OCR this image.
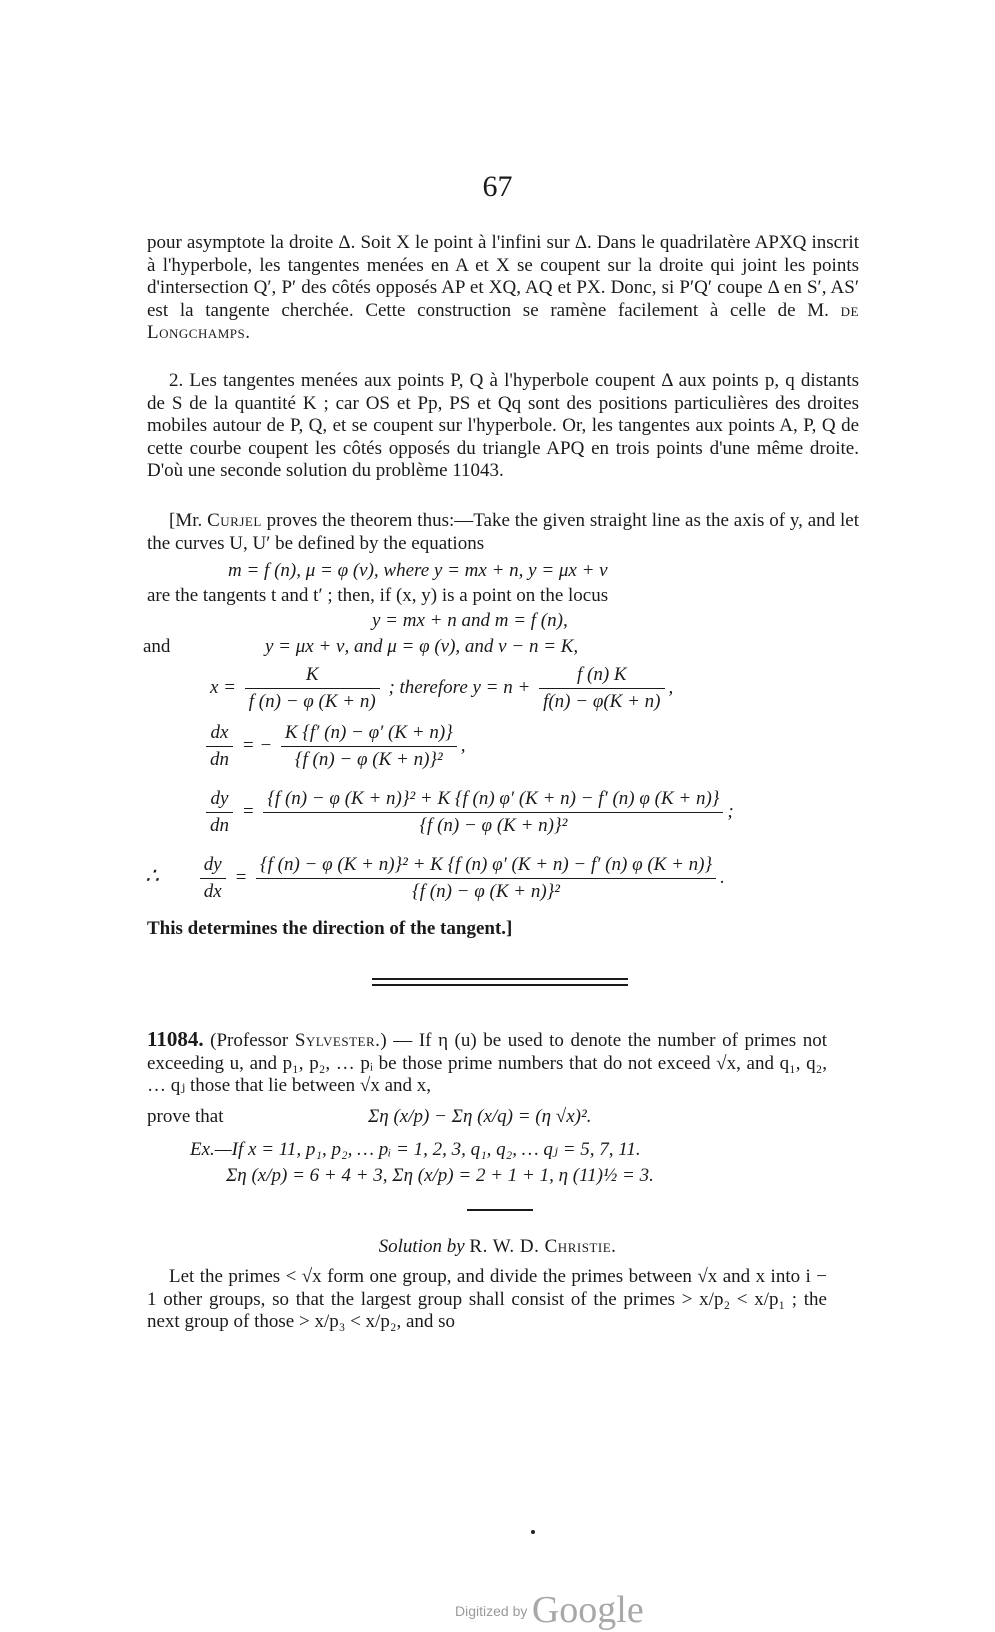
67

pour asymptote la droite Δ. Soit X le point à l'infini sur Δ. Dans le quadrilatère APXQ inscrit à l'hyperbole, les tangentes menées en A et X se coupent sur la droite qui joint les points d'intersection Q′, P′ des côtés opposés AP et XQ, AQ et PX. Donc, si P′Q′ coupe Δ en S′, AS′ est la tangente cherchée. Cette construction se ramène facilement à celle de M. de Longchamps.

2. Les tangentes menées aux points P, Q à l'hyperbole coupent Δ aux points p, q distants de S de la quantité K ; car OS et Pp, PS et Qq sont des positions particulières des droites mobiles autour de P, Q, et se coupent sur l'hyperbole. Or, les tangentes aux points A, P, Q de cette courbe coupent les côtés opposés du triangle APQ en trois points d'une même droite. D'où une seconde solution du problème 11043.

[Mr. Curjel proves the theorem thus:—Take the given straight line as the axis of y, and let the curves U, U′ be defined by the equations

m = f (n), μ = φ (ν), where y = mx + n, y = μx + ν

are the tangents t and t′ ; then, if (x, y) is a point on the locus

y = mx + n and m = f (n),
and	y = μx + ν, and μ = φ (ν), and ν − n = K,
$x = \frac{K}{f (n) - \varphi (K + n)}$ ; therefore $y = n + \frac{f (n) K}{f(n) - \varphi(K + n)}$ ,
$\frac{dx}{dn}$ = − $\frac{K \{f' (n) - \varphi' (K + n)\}}{\text{\{f (n) − φ (K + n)\}²}}$ ,
$\frac{dy}{dn}$ =
{f (n) − φ (K + n)}² + K {f (n) φ′ (K + n) − f′ (n) φ (K + n)}
{f (n) − φ (K + n)}²
;
∴ $\frac{dy}{dx}$ =
{f (n) − φ (K + n)}² + K {f (n) φ′ (K + n) − f′ (n) φ (K + n)}
{f (n) − φ (K + n)}²
.

This determines the direction of the tangent.]

11084. (Professor Sylvester.) — If η (u) be used to denote the number of primes not exceeding u, and p₁, p₂, … pᵢ be those prime numbers that do not exceed √x, and q₁, q₂, … qⱼ those that lie between √x and x,

prove that	Ση (x/p) − Ση (x/q) = (η √x)².
Ex.—If x = 11, p₁, p₂, … pᵢ = 1, 2, 3, q₁, q₂, … qⱼ = 5, 7, 11.
Ση (x/p) = 6 + 4 + 3, Ση (x/p) = 2 + 1 + 1, η (11)½ = 3.
Solution by R. W. D. Christie.

Let the primes < √x form one group, and divide the primes between √x and x into i − 1 other groups, so that the largest group shall consist of the primes > x/p₂ < x/p₁ ; the next group of those > x/p₃ < x/p₂, and so

Digitized by Google
